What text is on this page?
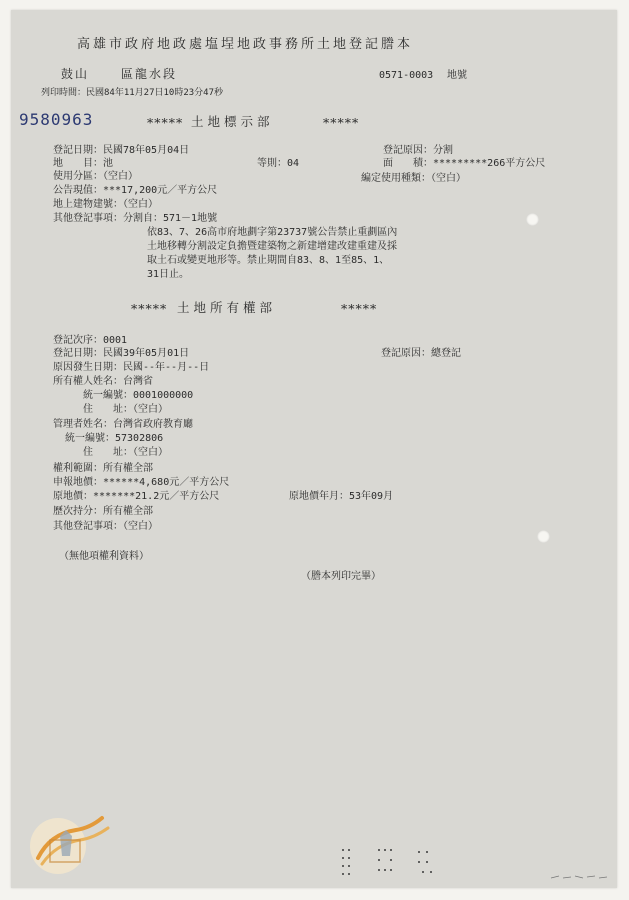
高雄市政府地政處塩埕地政事務所土地登記謄本
鼓山	區龍水段	0571-0003 地號
列印時間：民國84年11月27日10時23分47秒
9580963	***** 土地標示部	*****
登記日期：民國78年05月04日	登記原因：分割
地　　目：池	等則：04	面　　積：*********266平方公尺
使用分區：（空白）	編定使用種類：（空白）
公告現值：***17,200元／平方公尺
地上建物建號：（空白）
其他登記事項：分割自：571－1地號
依83、7、26高市府地劃字第23737號公告禁止重劃區內
土地移轉分割設定負擔暨建築物之新建增建改建重建及採
取土石或變更地形等。禁止期間自83、8、1至85、1、
31日止。
***** 土地所有權部	*****
登記次序：0001
登記日期：民國39年05月01日	登記原因：總登記
原因發生日期：民國--年--月--日
所有權人姓名：台灣省
統一編號：0001000000
住　　址：（空白）
管理者姓名：台灣省政府教育廳
統一編號：57302806
住　　址：（空白）
權利範圍：所有權全部
申報地價：******4,680元／平方公尺
原地價：*******21.2元／平方公尺	原地價年月：53年09月
歷次持分：所有權全部
其他登記事項：（空白）
（無他項權利資料）
（謄本列印完畢）
